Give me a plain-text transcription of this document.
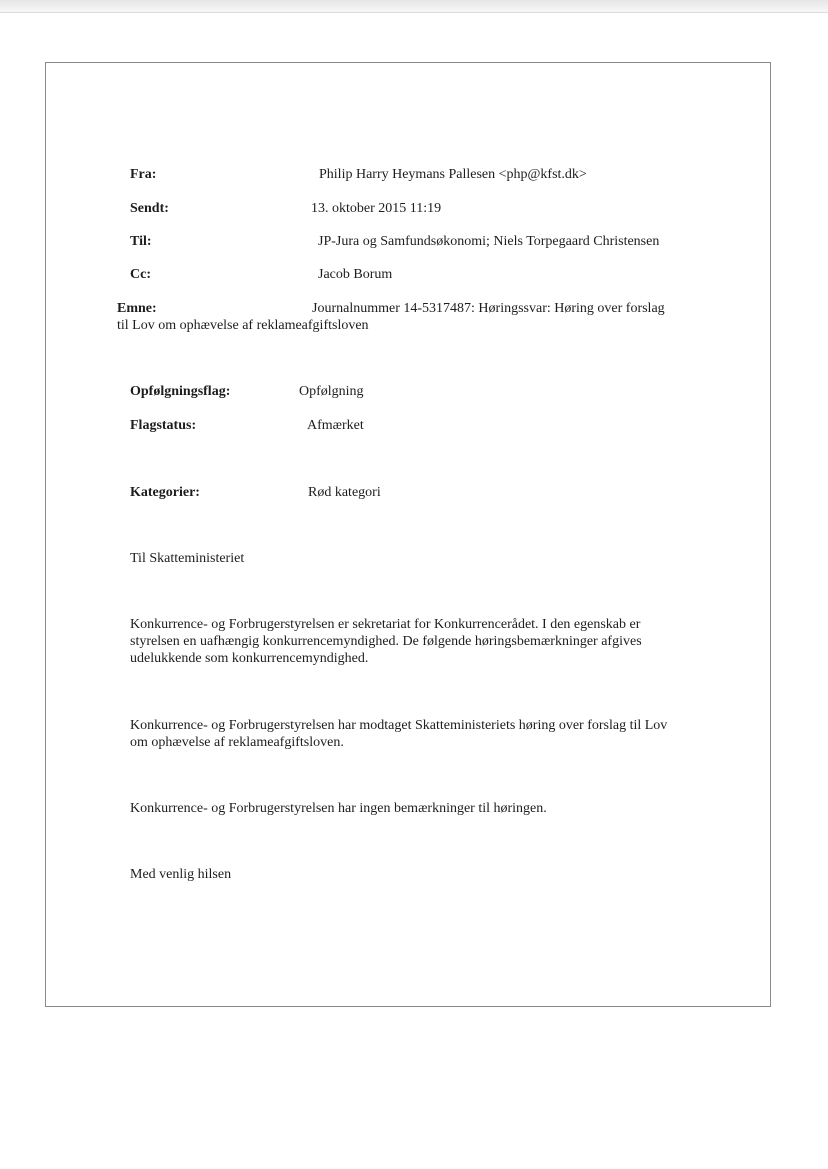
Fra:	Philip Harry Heymans Pallesen <php@kfst.dk>

Sendt:	13. oktober 2015 11:19

Til:	JP-Jura og Samfundsøkonomi; Niels Torpegaard Christensen

Cc:	Jacob Borum

Emne:	Journalnummer 14-5317487: Høringssvar: Høring over forslag

til Lov om ophævelse af reklameafgiftsloven

Opfølgningsflag:	Opfølgning

Flagstatus:	Afmærket

Kategorier:	Rød kategori

Til Skatteministeriet

Konkurrence- og Forbrugerstyrelsen er sekretariat for Konkurrencerådet. I den egenskab er

styrelsen en uafhængig konkurrencemyndighed. De følgende høringsbemærkninger afgives

udelukkende som konkurrencemyndighed.

Konkurrence- og Forbrugerstyrelsen har modtaget Skatteministeriets høring over forslag til Lov

om ophævelse af reklameafgiftsloven.

Konkurrence- og Forbrugerstyrelsen har ingen bemærkninger til høringen.

Med venlig hilsen
